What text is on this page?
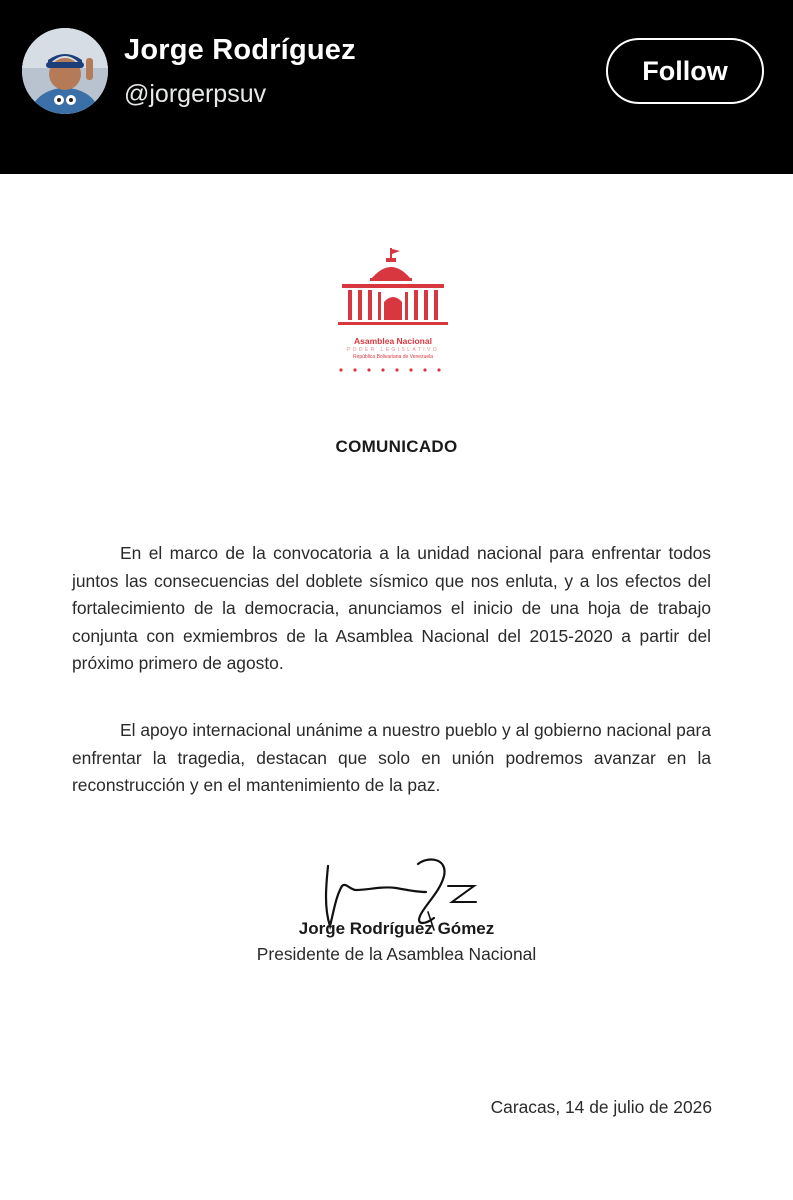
Jorge Rodríguez
@jorgerpsuv
Follow
Asamblea Nacional
PODER LEGISLATIVO
República Bolivariana de Venezuela
COMUNICADO

En el marco de la convocatoria a la unidad nacional para enfrentar todos juntos las consecuencias del doblete sísmico que nos enluta, y a los efectos del fortalecimiento de la democracia, anunciamos el inicio de una hoja de trabajo conjunta con exmiembros de la Asamblea Nacional del 2015-2020 a partir del próximo primero de agosto.

El apoyo internacional unánime a nuestro pueblo y al gobierno nacional para enfrentar la tragedia, destacan que solo en unión podremos avanzar en la reconstrucción y en el mantenimiento de la paz.

Jorge Rodríguez Gómez
Presidente de la Asamblea Nacional
Caracas, 14 de julio de 2026
